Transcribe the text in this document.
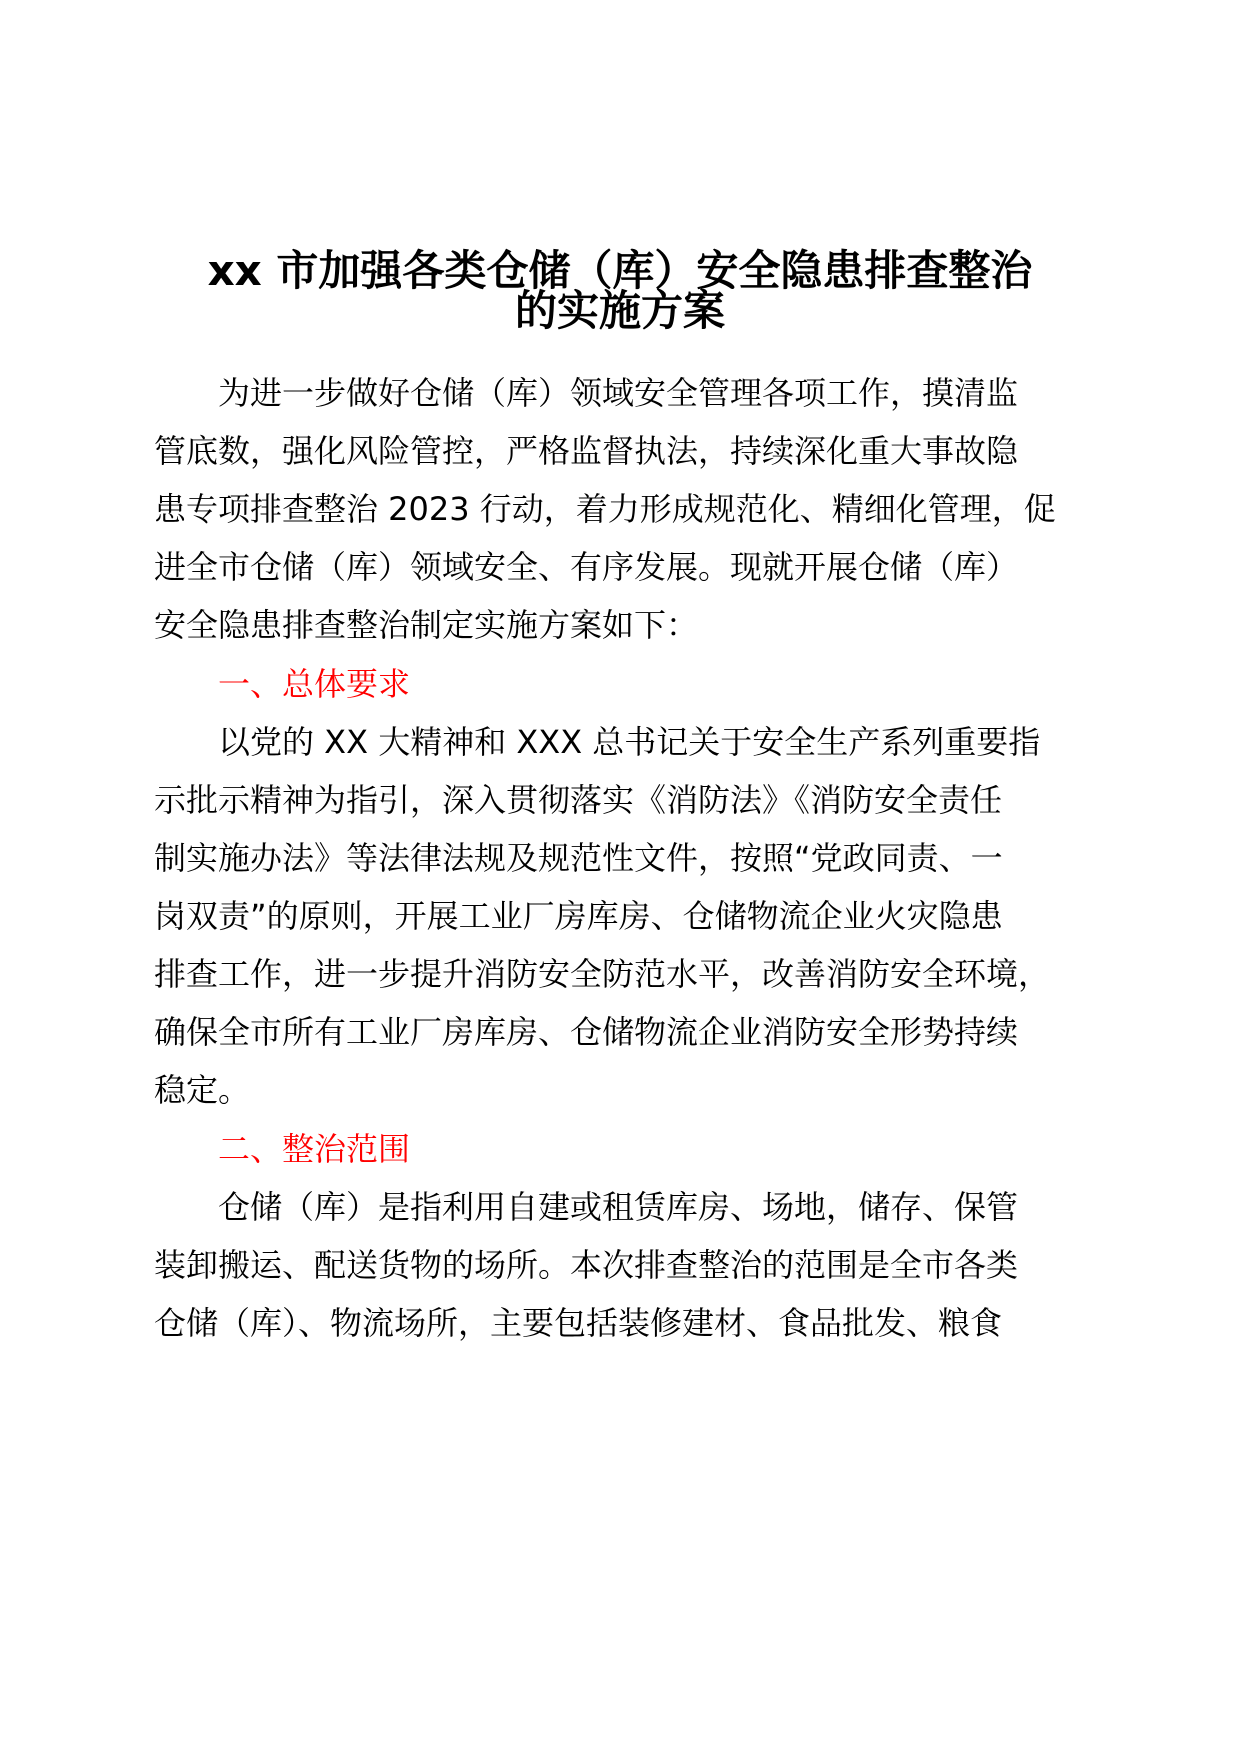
xx 市加强各类仓储（库）安全隐患排查整治
的实施方案
为进一步做好仓储（库）领域安全管理各项工作，摸清监
管底数，强化风险管控，严格监督执法，持续深化重大事故隐
患专项排查整治 2023 行动，着力形成规范化、精细化管理，促
进全市仓储（库）领域安全、有序发展。现就开展仓储（库）
安全隐患排查整治制定实施方案如下：
一、总体要求
以党的 XX 大精神和 XXX 总书记关于安全生产系列重要指
示批示精神为指引，深入贯彻落实《消防法》《消防安全责任
制实施办法》等法律法规及规范性文件，按照“党政同责、一
岗双责”的原则，开展工业厂房库房、仓储物流企业火灾隐患
排查工作，进一步提升消防安全防范水平，改善消防安全环境，
确保全市所有工业厂房库房、仓储物流企业消防安全形势持续
稳定。
二、整治范围
仓储（库）是指利用自建或租赁库房、场地，储存、保管
装卸搬运、配送货物的场所。本次排查整治的范围是全市各类
仓储（库）、物流场所，主要包括装修建材、食品批发、粮食
